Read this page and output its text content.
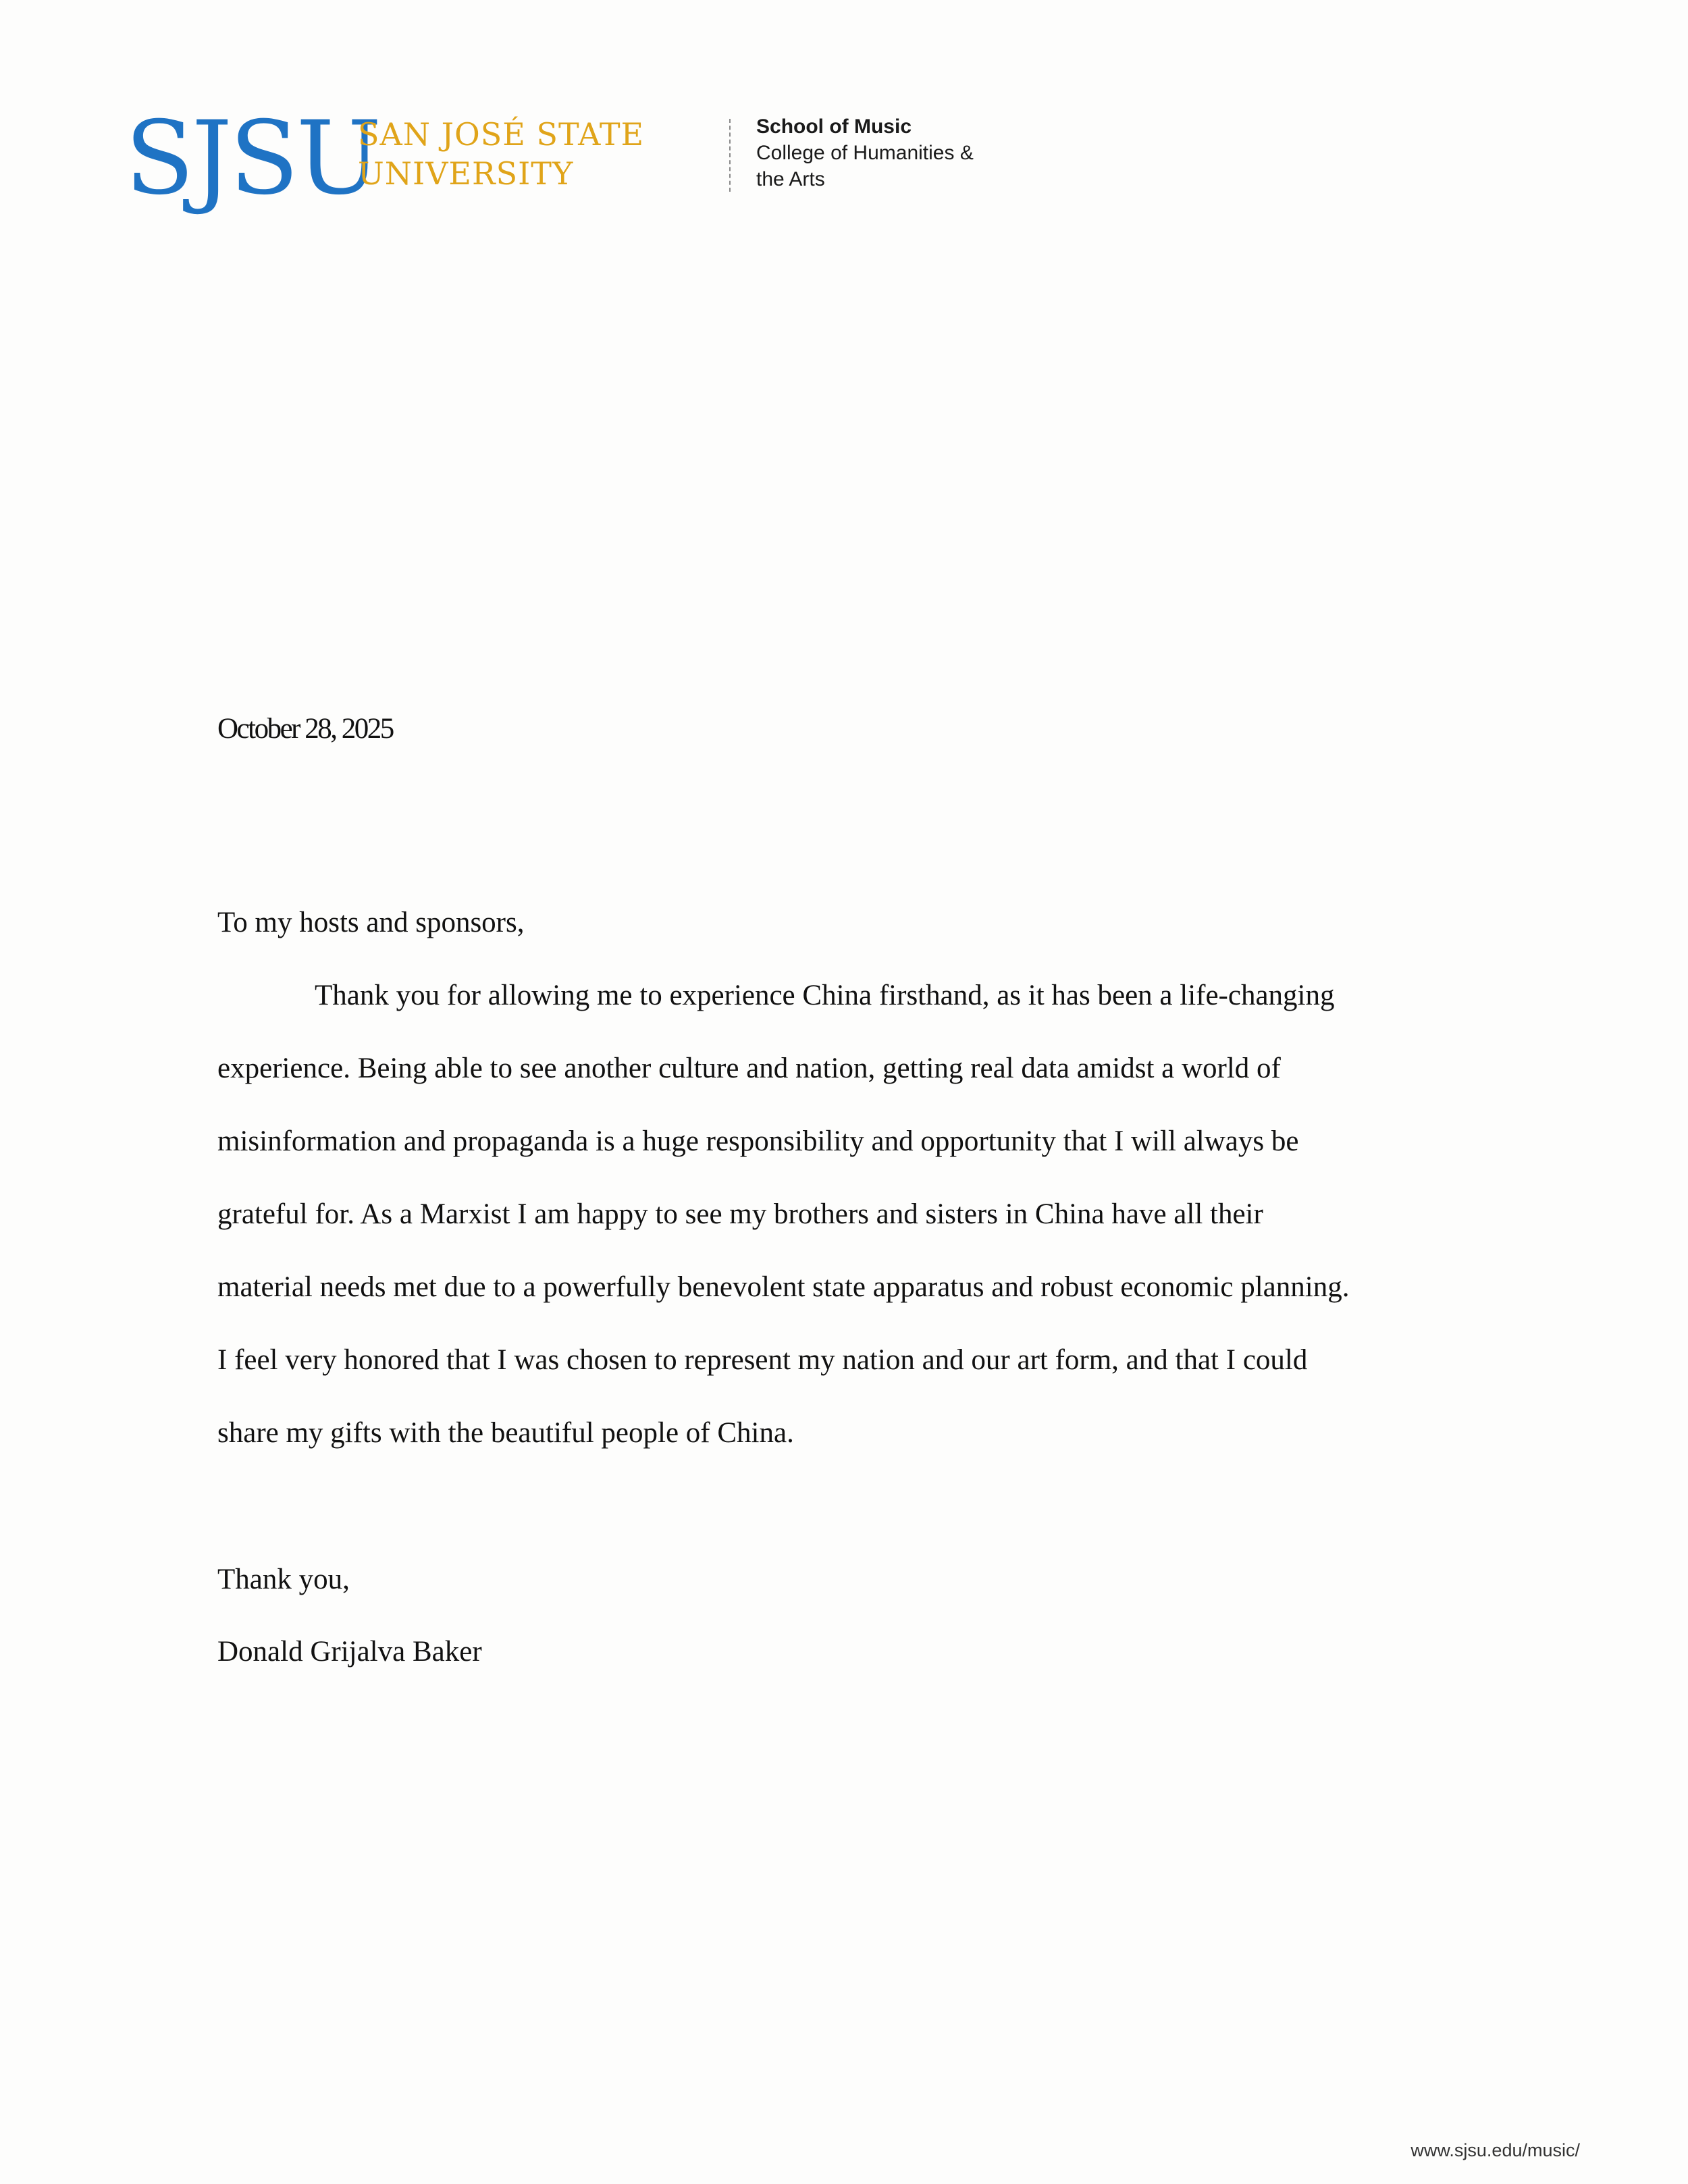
SJSU
SAN JOSÉ STATE
UNIVERSITY
School of Music
College of Humanities &
the Arts
October 28, 2025
To my hosts and sponsors,
Thank you for allowing me to experience China firsthand, as it has been a life-changing
experience. Being able to see another culture and nation, getting real data amidst a world of
misinformation and propaganda is a huge responsibility and opportunity that I will always be
grateful for. As a Marxist I am happy to see my brothers and sisters in China have all their
material needs met due to a powerfully benevolent state apparatus and robust economic planning.
I feel very honored that I was chosen to represent my nation and our art form, and that I could
share my gifts with the beautiful people of China.
Thank you,
Donald Grijalva Baker
www.sjsu.edu/music/
